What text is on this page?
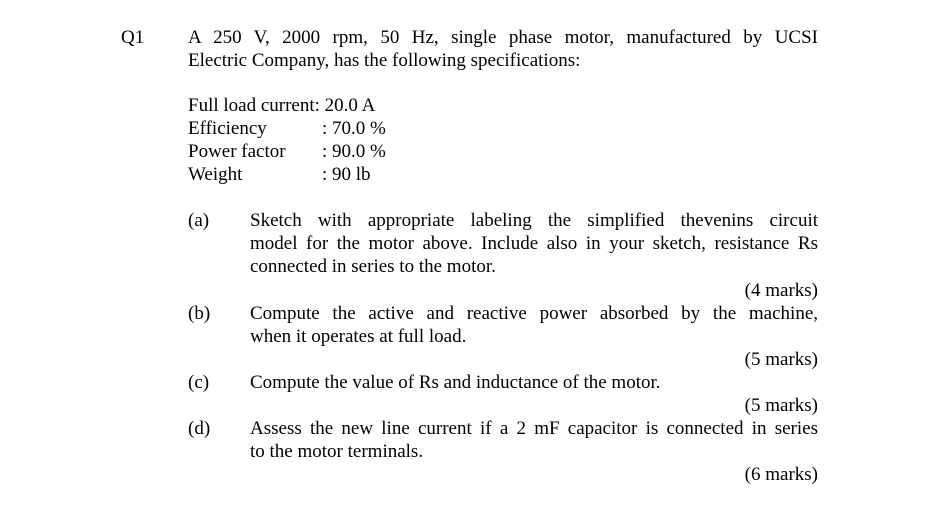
Q1 A 250 V, 2000 rpm, 50 Hz, single phase motor, manufactured by UCSI
Electric Company, has the following specifications:
Full load current: 20.0 A
Efficiency	: 70.0 %
Power factor : 90.0 %
Weight	: 90 lb
(a) Sketch with appropriate labeling the simplified thevenins circuit
model for the motor above. Include also in your sketch, resistance Rs
connected in series to the motor.
(4 marks)
(b) Compute the active and reactive power absorbed by the machine,
when it operates at full load.
(5 marks)
(c) Compute the value of Rs and inductance of the motor.
(5 marks)
(d) Assess the new line current if a 2 mF capacitor is connected in series
to the motor terminals.
(6 marks)
